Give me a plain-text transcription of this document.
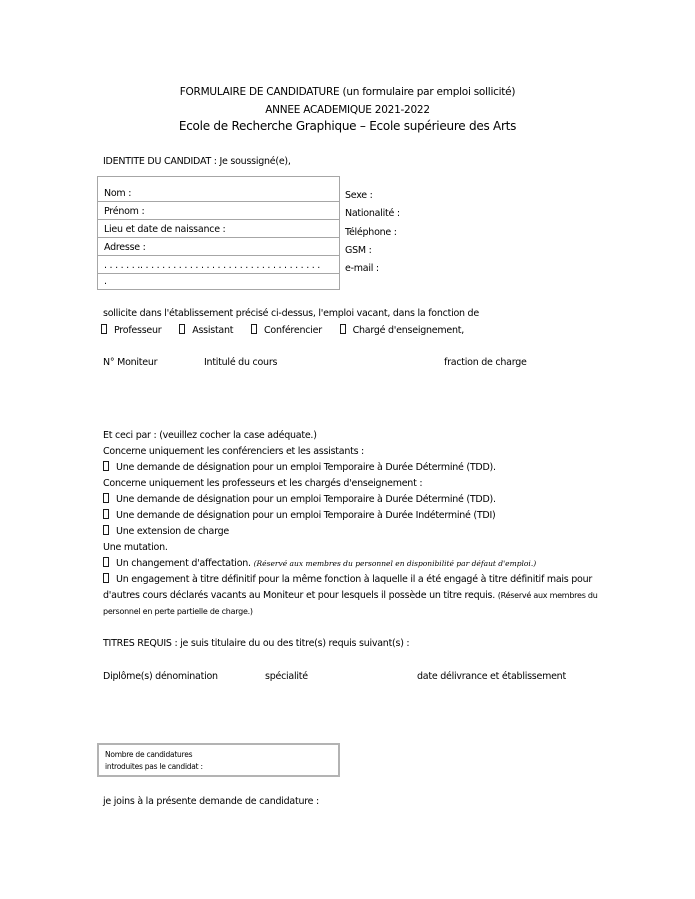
FORMULAIRE DE CANDIDATURE (un formulaire par emploi sollicité)
ANNEE ACADEMIQUE 2021-2022
Ecole de Recherche Graphique – Ecole supérieure des Arts
IDENTITE DU CANDIDAT : Je soussigné(e),
Nom :
Prénom :
Lieu et date de naissance :
Adresse :
. . . . . . .. . . . . . . . . . . . . . . . . . . . . . . . . . . . . . . . .
.
Sexe :
Nationalité :
Téléphone :
GSM :
e-mail :
sollicite dans l'établissement précisé ci-dessus, l'emploi vacant, dans la fonction de
Professeur	Assistant	Conférencier	Chargé d'enseignement,
N° Moniteur	Intitulé du cours	fraction de charge
Et ceci par : (veuillez cocher la case adéquate.)
Concerne uniquement les conférenciers et les assistants :
Une demande de désignation pour un emploi Temporaire à Durée Déterminé (TDD).
Concerne uniquement les professeurs et les chargés d'enseignement :
Une demande de désignation pour un emploi Temporaire à Durée Déterminé (TDD).
Une demande de désignation pour un emploi Temporaire à Durée Indéterminé (TDI)
Une extension de charge
Une mutation.
Un changement d'affectation. (Réservé aux membres du personnel en disponibilité par défaut d'emploi.)
Un engagement à titre définitif pour la même fonction à laquelle il a été engagé à titre définitif mais pour d'autres cours déclarés vacants au Moniteur et pour lesquels il possède un titre requis. (Réservé aux membres du personnel en perte partielle de charge.)
TITRES REQUIS : je suis titulaire du ou des titre(s) requis suivant(s) :
Diplôme(s) dénomination	spécialité	date délivrance et établissement
Nombre de candidatures
introduites pas le candidat :
je joins à la présente demande de candidature :
